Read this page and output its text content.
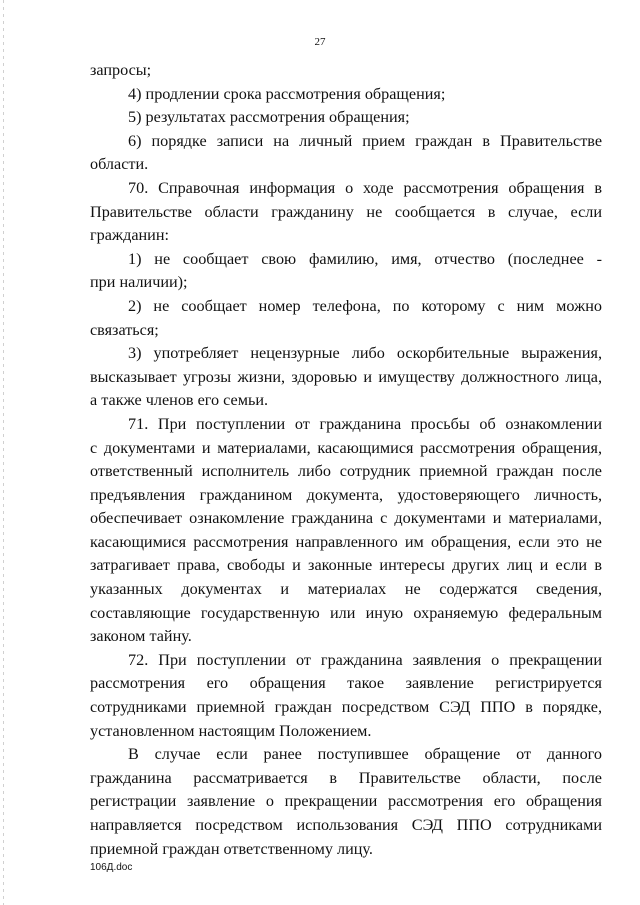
27
запросы;
4) продлении срока рассмотрения обращения;
5) результатах рассмотрения обращения;
6) порядке записи на личный прием граждан в Правительстве
области.
70. Справочная информация о ходе рассмотрения обращения в
Правительстве области гражданину не сообщается в случае, если
гражданин:
1) не сообщает свою фамилию, имя, отчество (последнее -
при наличии);
2) не сообщает номер телефона, по которому с ним можно
связаться;
3) употребляет нецензурные либо оскорбительные выражения,
высказывает угрозы жизни, здоровью и имуществу должностного лица,
а также членов его семьи.
71. При поступлении от гражданина просьбы об ознакомлении
с документами и материалами, касающимися рассмотрения обращения,
ответственный исполнитель либо сотрудник приемной граждан после
предъявления гражданином документа, удостоверяющего личность,
обеспечивает ознакомление гражданина с документами и материалами,
касающимися рассмотрения направленного им обращения, если это не
затрагивает права, свободы и законные интересы других лиц и если в
указанных документах и материалах не содержатся сведения,
составляющие государственную или иную охраняемую федеральным
законом тайну.
72. При поступлении от гражданина заявления о прекращении
рассмотрения его обращения такое заявление регистрируется
сотрудниками приемной граждан посредством СЭД ППО в порядке,
установленном настоящим Положением.
В случае если ранее поступившее обращение от данного
гражданина рассматривается в Правительстве области, после
регистрации заявление о прекращении рассмотрения его обращения
направляется посредством использования СЭД ППО сотрудниками
приемной граждан ответственному лицу.
106Д.doc
